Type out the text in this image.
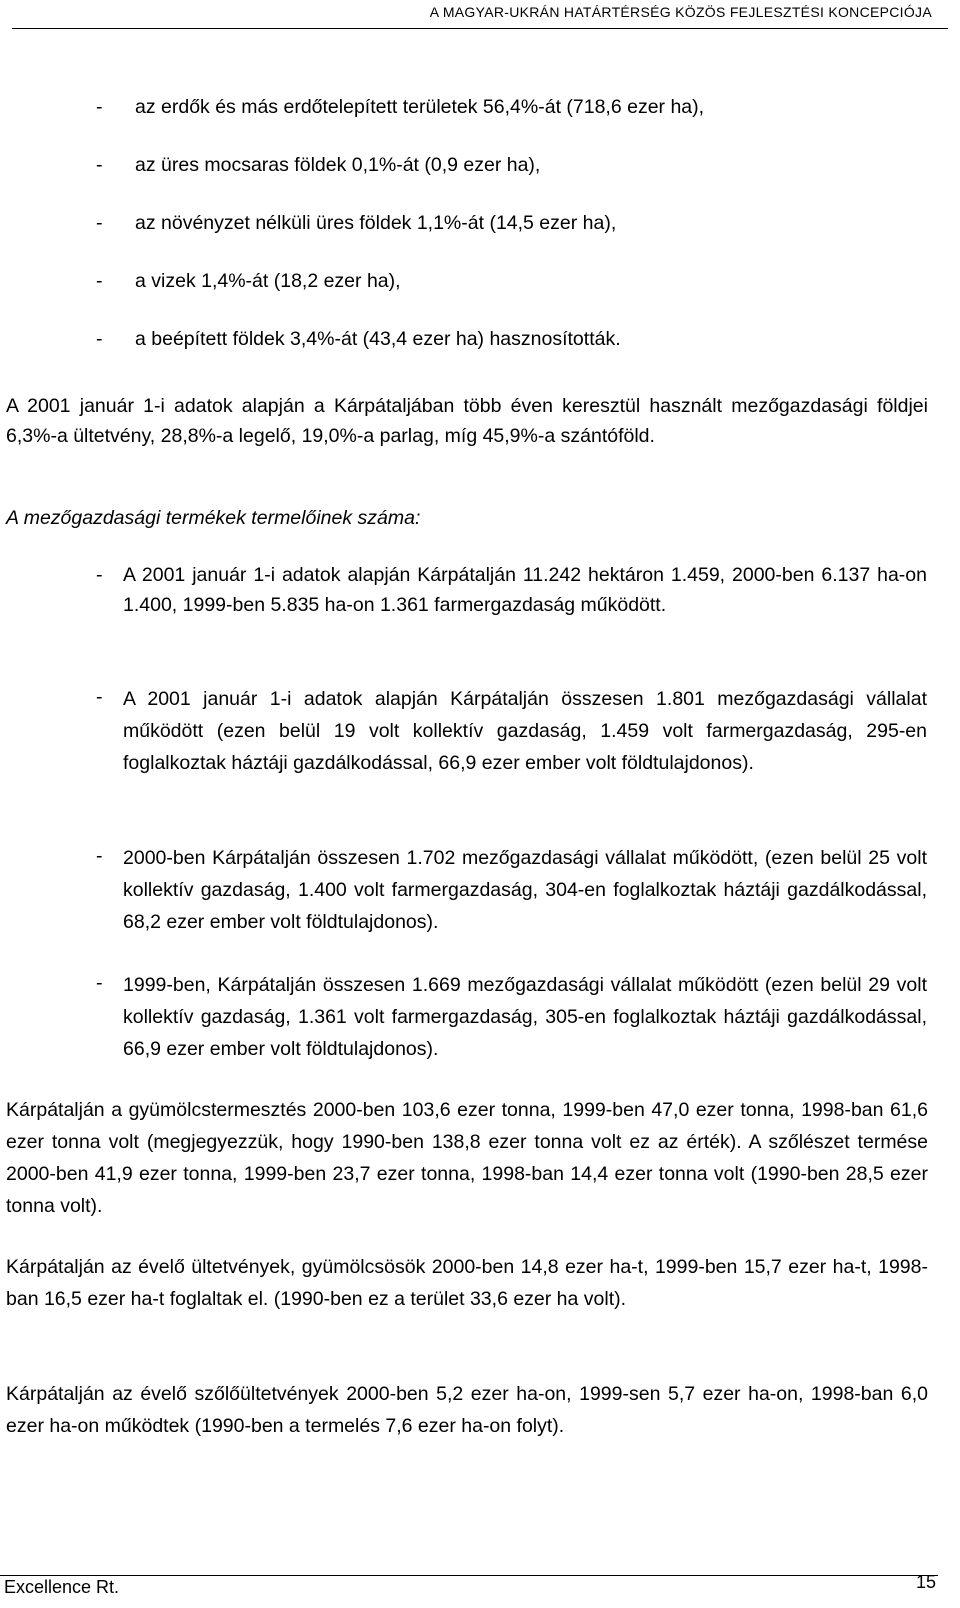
A MAGYAR-UKRÁN HATÁRTÉRSÉG KÖZÖS FEJLESZTÉSI KONCEPCIÓJA
- az erdők és más erdőtelepített területek 56,4%-át (718,6 ezer ha),
- az üres mocsaras földek 0,1%-át (0,9 ezer ha),
- az növényzet nélküli üres földek 1,1%-át (14,5 ezer ha),
- a vizek 1,4%-át (18,2 ezer ha),
- a beépített földek 3,4%-át (43,4 ezer ha) hasznosították.

A 2001 január 1-i adatok alapján a Kárpátaljában több éven keresztül használt mezőgazdasági földjei 6,3%-a ültetvény, 28,8%-a legelő, 19,0%-a parlag, míg 45,9%-a szántóföld.

A mezőgazdasági termékek termelőinek száma:

- A 2001 január 1-i adatok alapján Kárpátalján 11.242 hektáron 1.459, 2000-ben 6.137 ha-on 1.400, 1999-ben 5.835 ha-on 1.361 farmergazdaság működött.
- A 2001 január 1-i adatok alapján Kárpátalján összesen 1.801 mezőgazdasági vállalat működött (ezen belül 19 volt kollektív gazdaság, 1.459 volt farmergazdaság, 295-en foglalkoztak háztáji gazdálkodással, 66,9 ezer ember volt földtulajdonos).
- 2000-ben Kárpátalján összesen 1.702 mezőgazdasági vállalat működött, (ezen belül 25 volt kollektív gazdaság, 1.400 volt farmergazdaság, 304-en foglalkoztak háztáji gazdálkodással, 68,2 ezer ember volt földtulajdonos).
- 1999-ben, Kárpátalján összesen 1.669 mezőgazdasági vállalat működött (ezen belül 29 volt kollektív gazdaság, 1.361 volt farmergazdaság, 305-en foglalkoztak háztáji gazdálkodással, 66,9 ezer ember volt földtulajdonos).

Kárpátalján a gyümölcstermesztés 2000-ben 103,6 ezer tonna, 1999-ben 47,0 ezer tonna, 1998-ban 61,6 ezer tonna volt (megjegyezzük, hogy 1990-ben 138,8 ezer tonna volt ez az érték). A szőlészet termése 2000-ben 41,9 ezer tonna, 1999-ben 23,7 ezer tonna, 1998-ban 14,4 ezer tonna volt (1990-ben 28,5 ezer tonna volt).

Kárpátalján az évelő ültetvények, gyümölcsösök 2000-ben 14,8 ezer ha-t, 1999-ben 15,7 ezer ha-t, 1998-ban 16,5 ezer ha-t foglaltak el. (1990-ben ez a terület 33,6 ezer ha volt).

Kárpátalján az évelő szőlőültetvények 2000-ben 5,2 ezer ha-on, 1999-sen 5,7 ezer ha-on, 1998-ban 6,0 ezer ha-on működtek (1990-ben a termelés 7,6 ezer ha-on folyt).

Excellence Rt.	15
